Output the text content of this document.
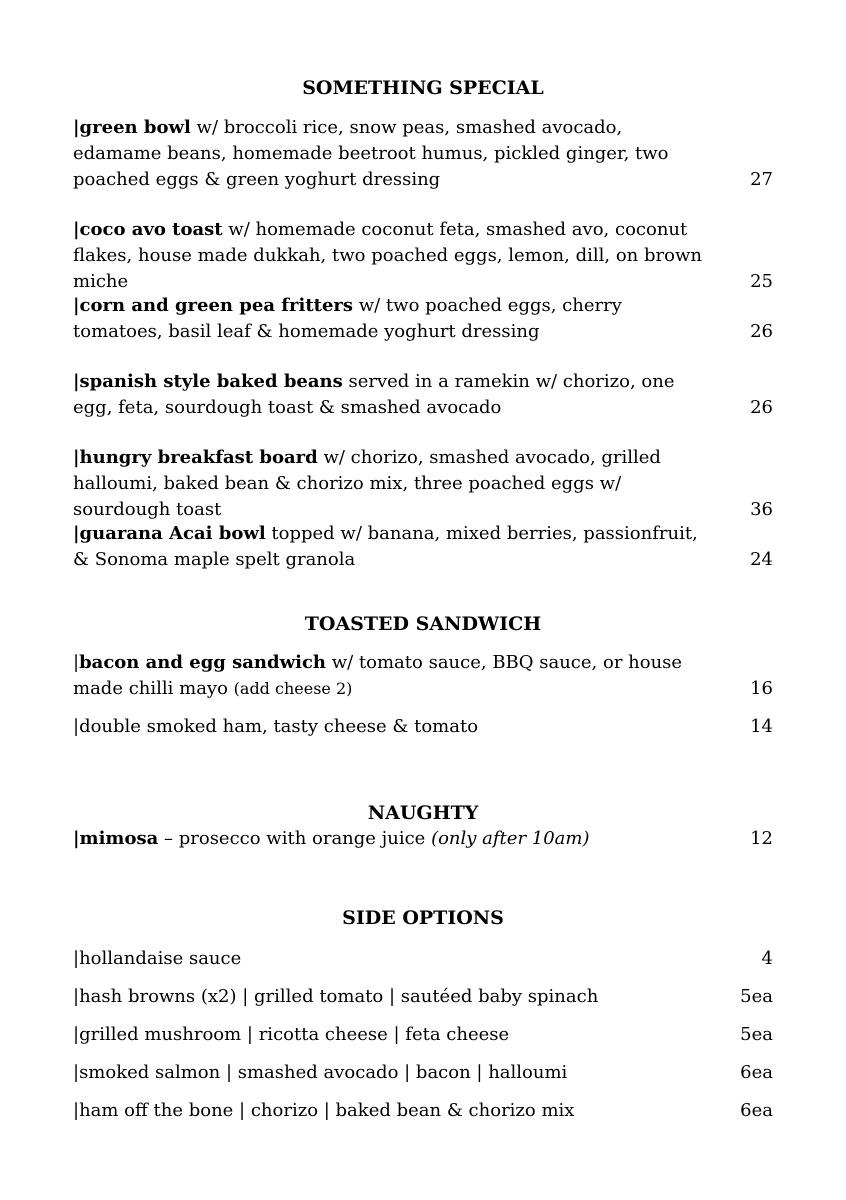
SOMETHING SPECIAL
|green bowl w/ broccoli rice, snow peas, smashed avocado, edamame beans, homemade beetroot humus, pickled ginger, two poached eggs & green yoghurt dressing	27
|coco avo toast w/ homemade coconut feta, smashed avo, coconut flakes, house made dukkah, two poached eggs, lemon, dill, on brown miche	25
|corn and green pea fritters w/ two poached eggs, cherry tomatoes, basil leaf & homemade yoghurt dressing	26
|spanish style baked beans served in a ramekin w/ chorizo, one egg, feta, sourdough toast & smashed avocado	26
|hungry breakfast board w/ chorizo, smashed avocado, grilled halloumi, baked bean & chorizo mix, three poached eggs w/ sourdough toast	36
|guarana Acai bowl topped w/ banana, mixed berries, passionfruit, & Sonoma maple spelt granola	24
TOASTED SANDWICH
|bacon and egg sandwich w/ tomato sauce, BBQ sauce, or house made chilli mayo (add cheese 2)	16
|double smoked ham, tasty cheese & tomato	14
NAUGHTY
|mimosa – prosecco with orange juice (only after 10am)	12
SIDE OPTIONS
|hollandaise sauce	4
|hash browns (x2) | grilled tomato | sautéed baby spinach	5ea
|grilled mushroom | ricotta cheese | feta cheese	5ea
|smoked salmon | smashed avocado | bacon | halloumi	6ea
|ham off the bone | chorizo | baked bean & chorizo mix	6ea
